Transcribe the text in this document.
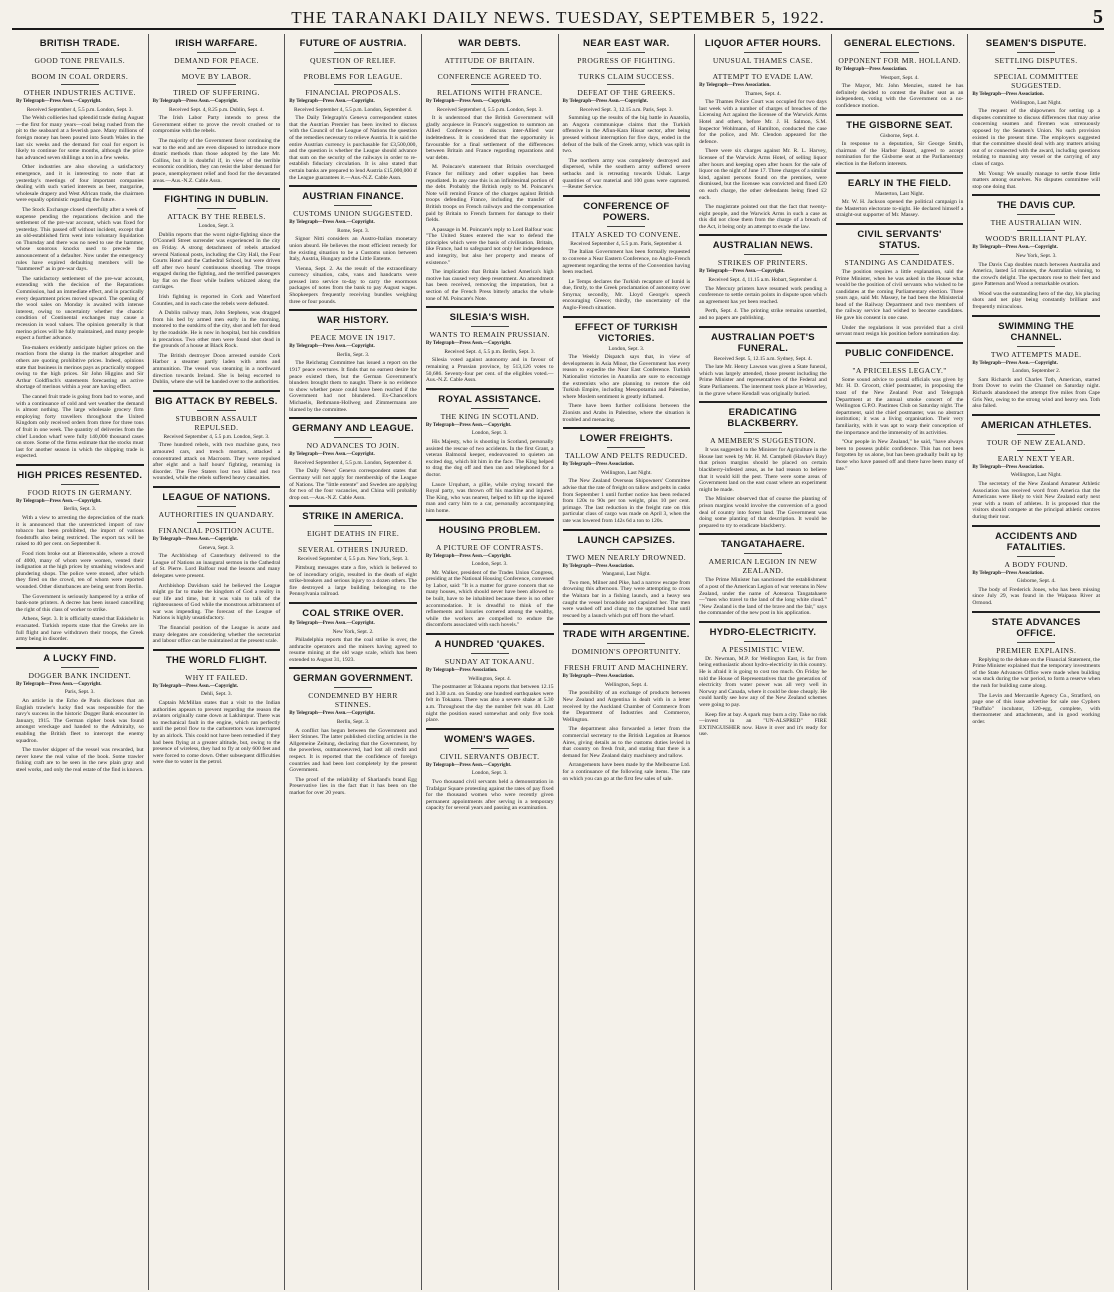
THE TARANAKI DAILY NEWS. TUESDAY, SEPTEMBER 5, 1922.	5
BRITISH TRADE.
GOOD TONE PREVAILS.
BOOM IN COAL ORDERS.
OTHER INDUSTRIES ACTIVE.
By Telegraph—Press Assn.—Copyright.
Received September 4, 5.5 p.m. London, Sept. 3.

The Welsh collieries had splendid trade during August—the first for many years—coal being rushed from the pit to the seaboard at a feverish pace. Many millions of foreign money has been poured into South Wales in the last six weeks and the demand for coal for export is likely to continue for some months, although the price has advanced seven shillings a ton in a few weeks.

Other industries are also showing a satisfactory emergence, and it is interesting to note that at yesterday's meetings of four important companies dealing with such varied interests as beer, margarine, wholesale drapery and West African trade, the chairmen were equally optimistic regarding the future.

The Stock Exchange closed cheerfully after a week of suspense pending the reparations decision and the settlement of the pre-war account, which was fixed for yesterday. This passed off without incident, except that an old-established firm went into voluntary liquidation on Thursday and there was no need to use the hammer, whose sonorous knocks used to precede the announcement of a defaulter. Now under the emergency rules have expired defaulting members will be "hammered" as in pre-war days.

The satisfactory settlement of the pre-war account, extending with the decision of the Reparations Commission, had an immediate effect, and in practically every department prices moved upward. The opening of the wool sales on Monday is awaited with intense interest, owing to uncertainty whether the chaotic condition of Continental exchanges may cause a recession in wool values. The opinion generally is that merino prices will be fully maintained, and many people expect a further advance.

Tea-makers evidently anticipate higher prices on the reaction from the slump in the market altogether and others are quoting prohibitive prices. Indeed, opinions state that business in merinos pays as practically stopped owing to the high prices. Sir John Higgins and Sir Arthur Goldfinch's statements forecasting an active shortage of merinos within a year are having effect.

The cannel fruit trade is going from bad to worse, and with a continuance of cold and wet weather the demand is almost nothing. The large wholesale grocery firm employing forty travellers throughout the United Kingdom only received orders from three for three tons of fruit in one week. The quantity of deliveries from the chief London wharf were fully 140,000 thousand cases on store. Some of the firms estimate that the stocks must last for another season in which the shipping trade is expected.

HIGH PRICES RESENTED.
FOOD RIOTS IN GERMANY.
By Telegraph—Press Assn.—Copyright.
Berlin, Sept. 3.

With a view to arresting the depreciation of the mark it is announced that the unrestricted import of raw tobacco has been prohibited, the import of various foodstuffs also being restricted. The export tax will be raised to 40 per cent. on September 8.

Food riots broke out at Bierenwalde, where a crowd of 4000, many of whom were women, vented their indignation at the high prices by smashing windows and plundering shops. The police were stoned, after which they fired on the crowd, ten of whom were reported wounded. Other disturbances are being sent from Berlin.

The Government is seriously hampered by a strike of bank-note printers. A decree has been issued cancelling the right of this class of worker to strike.

Athens, Sept. 3. It is officially stated that Eskishehr is evacuated. Turkish reports state that the Greeks are in full flight and have withdrawn their troops, the Greek army being in disorder.

A LUCKY FIND.
DOGGER BANK INCIDENT.
By Telegraph—Press Assn.—Copyright.
Paris, Sept. 3.

An article in the Echo de Paris discloses that an English trawler's lucky find was responsible for the navy's success in the historic Dogger Bank encounter in January, 1915. The German cipher book was found amongst wreckage and handed to the Admiralty, so enabling the British fleet to intercept the enemy squadron.

The trawler skipper of the vessel was rewarded, but never knew the real value of the book. Some trawler fishing craft are to be seen in the new plain gray and steel works, and only the real estate of the find is known.

IRISH WARFARE.
DEMAND FOR PEACE.
MOVE BY LABOR.
TIRED OF SUFFERING.
By Telegraph—Press Assn.—Copyright.
Received Sept. 4, 8.25 p.m. Dublin, Sept. 4.

The Irish Labor Party intends to press the Government either to prove the revolt crushed or to compromise with the rebels.

The majority of the Government favor continuing the war to the end and are even disposed to introduce more drastic methods than those adopted by the late Mr. Collins, but it is doubtful if, in view of the terrible economic condition, they can resist the labor demand for peace, unemployment relief and food for the devastated areas.—Aus.-N.Z. Cable Assn.

FIGHTING IN DUBLIN.
ATTACK BY THE REBELS.
London, Sept. 3.

Dublin reports that the worst night-fighting since the O'Connell Street surrender was experienced in the city on Friday. A strong detachment of rebels attacked several National posts, including the City Hall, the Four Courts Hotel and the Cathedral School, but were driven off after two hours' continuous shooting. The troops engaged during the fighting, and the terrified passengers lay flat on the floor while bullets whizzed along the carriages.

Irish fighting is reported in Cork and Waterford Counties, and in each case the rebels were defeated.

A Dublin railway man, John Stephens, was dragged from his bed by armed men early in the morning, motored to the outskirts of the city, shot and left for dead by the roadside. He is now in hospital, but his condition is precarious. Two other men were found shot dead in the grounds of a house at Black Rock.

The British destroyer Doon arrested outside Cork Harbor a steamer partly laden with arms and ammunition. The vessel was steaming in a northward direction towards Ireland. She is being escorted to Dublin, where she will be handed over to the authorities.

BIG ATTACK BY REBELS.
STUBBORN ASSAULT REPULSED.
Received September 4, 5.5 p.m. London, Sept. 3.

Three hundred rebels, with two machine guns, two armoured cars, and trench mortars, attacked a concentrated attack on Macroom. They were repulsed after eight and a half hours' fighting, returning in disorder. The Free Staters lost two killed and two wounded, while the rebels suffered heavy casualties.

LEAGUE OF NATIONS.
AUTHORITIES IN QUANDARY.
FINANCIAL POSITION ACUTE.
By Telegraph—Press Assn.—Copyright.
Geneva, Sept. 3.

The Archbishop of Canterbury delivered to the League of Nations an inaugural sermon in the Cathedral of St. Pierre. Lord Balfour read the lessons and many delegates were present.

Archbishop Davidson said he believed the League might go far to make the kingdom of God a reality in our life and time, but it was vain to talk of the righteousness of God while the monstrous arbitrament of war was impending. The forecast of the League of Nations is highly unsatisfactory.

The financial position of the League is acute and many delegates are considering whether the secretariat and labour office can be maintained at the present scale.

THE WORLD FLIGHT.
WHY IT FAILED.
By Telegraph—Press Assn.—Copyright.
Dehli, Sept. 3.

Captain McMillan states that a visit to the Indian authorities appears to prevent regarding the reason the aviators originally came down at Lakhimpur. There was no mechanical fault in the engine, which ran perfectly until the petrol flow to the carburettors was interrupted by an airlock. This could not have been remedied if they had been flying at a greater altitude, but, owing to the presence of wireless, they had to fly at only 600 feet and were forced to come down. Other subsequent difficulties were due to water in the petrol.

FUTURE OF AUSTRIA.
QUESTION OF RELIEF.
PROBLEMS FOR LEAGUE.
FINANCIAL PROPOSALS.
By Telegraph—Press Assn.—Copyright.
Received September 4, 5.5 p.m. London, September 4.

The Daily Telegraph's Geneva correspondent states that the Austrian Premier has been invited to discuss with the Council of the League of Nations the question of the remedies necessary to relieve Austria. It is said the entire Austrian currency is purchasable for £3,500,000, and the question is whether the League should advance that sum on the security of the railways in order to re-establish fiduciary circulation. It is also stated that certain banks are prepared to lend Austria £15,000,000 if the League guarantees it.—Aus.-N.Z. Cable Assn.

AUSTRIAN FINANCE.
CUSTOMS UNION SUGGESTED.
By Telegraph—Press Assn.—Copyright.
Rome, Sept. 3.

Signor Nitti considers an Austro-Italian monetary union absurd. He believes the most efficient remedy for the existing situation to be a Customs union between Italy, Austria, Hungary and the Little Entente.

Vienna, Sept. 2. As the result of the extraordinary currency situation, cabs, vans and handcarts were pressed into service to-day to carry the enormous packages of notes from the bank to pay August wages. Shopkeepers frequently receiving bundles weighing three or four pounds.

WAR HISTORY.
PEACE MOVE IN 1917.
By Telegraph—Press Assn.—Copyright.
Berlin, Sept. 3.

The Reichstag Committee has issued a report on the 1917 peace overtures. It finds that no earnest desire for peace existed then, but the German Government's blunders brought them to naught. There is no evidence to show whether peace could have been reached if the Government had not blundered. Ex-Chancellors Michaelis, Bethmann-Hollweg and Zimmermann are blamed by the committee.

GERMANY AND LEAGUE.
NO ADVANCES TO JOIN.
By Telegraph—Press Assn.—Copyright.
Received September 4, 5.5 p.m. London, September 4.

The Daily News' Geneva correspondent states that Germany will not apply for membership of the League of Nations. The "little entente" and Sweden are applying for two of the four vacancies, and China will probably drop out.—Aus.-N.Z. Cable Assn.

STRIKE IN AMERICA.
EIGHT DEATHS IN FIRE.
SEVERAL OTHERS INJURED.
Received September 4, 5.5 p.m. New York, Sept. 3.

Pittsburg messages state a fire, which is believed to be of incendiary origin, resulted in the death of eight strike-breakers and serious injury to a dozen others. The fire destroyed a large building belonging to the Pennsylvania railroad.

COAL STRIKE OVER.
By Telegraph—Press Assn.—Copyright.
New York, Sept. 2.

Philadelphia reports that the coal strike is over, the anthracite operators and the miners having agreed to resume mining at the old wage scale, which has been extended to August 31, 1923.

GERMAN GOVERNMENT.
CONDEMNED BY HERR STINNES.
By Telegraph—Press Assn.—Copyright.
Berlin, Sept. 3.

A conflict has begun between the Government and Herr Stinnes. The latter published circling articles in the Allgemeine Zeitung, declaring that the Government, by the powerless, outmanoeuvred, had lost all credit and respect. It is reported that the confidence of foreign countries and had been lost completely by the present Government.

The proof of the reliability of Sharland's brand Egg Preservative lies in the fact that it has been on the market for over 20 years.

WAR DEBTS.
ATTITUDE OF BRITAIN.
CONFERENCE AGREED TO.
RELATIONS WITH FRANCE.
By Telegraph—Press Assn.—Copyright.
Received September 4, 5.5 p.m. London, Sept. 3.

It is understood that the British Government will gladly acquiesce in France's suggestion to summon an Allied Conference to discuss inter-Allied war indebtedness. It is considered that the opportunity is favourable for a final settlement of the differences between Britain and France regarding reparations and war debts.

M. Poincare's statement that Britain overcharged France for military and other supplies has been repudiated. In any case this is an infinitesimal portion of the debt. Probably the British reply to M. Poincare's Note will remind France of the charges against British troops defending France, including the transfer of British troops on French railways and the compensation paid by Britain to French farmers for damage to their fields.

A passage in M. Poincare's reply to Lord Balfour was: "The United States entered the war to defend the principles which were the basis of civilisation. Britain, like France, had to safeguard not only her independence and integrity, but also her property and means of existence."

The implication that Britain lacked America's high motive has caused very deep resentment. An amendment has been received, removing the imputation, but a section of the French Press bitterly attacks the whole tone of M. Poincare's Note.

SILESIA'S WISH.
WANTS TO REMAIN PRUSSIAN.
By Telegraph—Press Assn.—Copyright.
Received Sept. 4, 5.5 p.m. Berlin, Sept. 3.

Silesia voted against autonomy and in favour of remaining a Prussian province, by 513,126 votes to 50,686. Seventy-four per cent. of the eligibles voted.—Aus.-N.Z. Cable Assn.

ROYAL ASSISTANCE.
THE KING IN SCOTLAND.
By Telegraph—Press Assn.—Copyright.
London, Sept. 3.

His Majesty, who is shooting in Scotland, personally assisted the rescue of two accidents. In the first Grant, a veteran Balmoral keeper, endeavoured to quieten an excited dog, which bit him in the face. The King helped to drag the dog off and then ran and telephoned for a doctor.

Lauce Urquhart, a gillie, while crying toward the Royal party, was thrown off his machine and injured. The King, who was nearest, helped to lift up the injured man and carry him to a car, personally accompanying him home.

HOUSING PROBLEM.
A PICTURE OF CONTRASTS.
By Telegraph—Press Assn.—Copyright.
London, Sept. 3.

Mr. Walker, president of the Trades Union Congress, presiding at the National Housing Conference, convened by Labor, said: "It is a matter for grave concern that so many houses, which should never have been allowed to be built, have to be inhabited because there is no other accommodation. It is dreadful to think of the refinements and luxuries cornered among the wealthy, while the workers are compelled to endure the discomforts associated with such hovels."

A HUNDRED 'QUAKES.
SUNDAY AT TOKAANU.
By Telegraph—Press Association.
Wellington, Sept. 4.

The postmaster at Tokaanu reports that between 12.15 and 3.30 a.m. on Sunday one hundred earthquakes were felt in Tokaanu. There was also a severe shake at 5.30 a.m. Throughout the day the number felt was 40. Last night the position eased somewhat and only five took place.

WOMEN'S WAGES.
CIVIL SERVANTS OBJECT.
By Telegraph—Press Assn.—Copyright.
London, Sept. 3.

Two thousand civil servants held a demonstration in Trafalgar Square protesting against the rates of pay fixed for the thousand women who were recently given permanent appointments after serving in a temporary capacity for several years and passing an examination.

NEAR EAST WAR.
PROGRESS OF FIGHTING.
TURKS CLAIM SUCCESS.
DEFEAT OF THE GREEKS.
By Telegraph—Press Assn.—Copyright.
Received Sept. 3, 12.15 a.m. Paris, Sept. 3.

Summing up the results of the big battle in Anatolia, an Angora communique claims that the Turkish offensive in the Afiun-Kara Hissar sector, after being pressed without interruption for five days, ended in the defeat of the bulk of the Greek army, which was split in two.

The northern army was completely destroyed and dispersed, while the southern army suffered severe setbacks and is retreating towards Ushak. Large quantities of war material and 100 guns were captured.—Reuter Service.

CONFERENCE OF POWERS.
ITALY ASKED TO CONVENE.
Received September 4, 5.5 p.m. Paris, September 4.

The Italian Government has been formally requested to convene a Near Eastern Conference, no Anglo-French agreement regarding the terms of the Convention having been reached.

Le Temps declares the Turkish recapture of Ismid is due, firstly, to the Greek proclamation of autonomy over Smyrna; secondly, Mr. Lloyd George's speech encouraging Greece; thirdly, the uncertainty of the Anglo-French situation.

EFFECT OF TURKISH VICTORIES.
London, Sept. 3.

The Weekly Dispatch says that, in view of developments in Asia Minor, the Government has every reason to expedite the Near East Conference. Turkish Nationalist victories in Anatolia are sure to encourage the extremists who are planning to restore the old Turkish Empire, including Mesopotamia and Palestine, where Moslem sentiment is greatly inflamed.

There have been further collisions between the Zionists and Arabs in Palestine, where the situation is troubled and menacing.

LOWER FREIGHTS.
TALLOW AND PELTS REDUCED.
By Telegraph—Press Association.
Wellington, Last Night.

The New Zealand Overseas Shipowners' Committee advise that the rate of freight on tallow and pelts in casks from September 1 until further notice has been reduced from 120s to 90s per ton weight, plus 10 per cent. primage. The last reduction in the freight rate on this particular class of cargo was made on April 3, when the rate was lowered from 142s 6d a ton to 120s.

LAUNCH CAPSIZES.
TWO MEN NEARLY DROWNED.
By Telegraph—Press Association.
Wanganui, Last Night.

Two men, Milner and Pike, had a narrow escape from drowning this afternoon. They were attempting to cross the Waitara bar in a fishing launch, and a heavy sea caught the vessel broadside and capsized her. The men were washed off and clung to the upturned boat until rescued by a launch which put off from the wharf.

TRADE WITH ARGENTINE.
DOMINION'S OPPORTUNITY.
FRESH FRUIT AND MACHINERY.
By Telegraph—Press Association.
Wellington, Sept. 4.

The possibility of an exchange of products between New Zealand and Argentina is dealt with in a letter received by the Auckland Chamber of Commerce from the Department of Industries and Commerce, Wellington.

The department also forwarded a letter from the commercial secretary to the British Legation at Buenos Aires, giving details as to the customs duties levied in that country on fresh fruit, and stating that there is a demand for New Zealand dairy machinery and tallow.

Arrangements have been made by the Melbourne Ltd. for a continuance of the following sale items. The rate on which you can go at the first few sales of sale.

LIQUOR AFTER HOURS.
UNUSUAL THAMES CASE.
ATTEMPT TO EVADE LAW.
By Telegraph—Press Association.
Thames, Sept. 4.

The Thames Police Court was occupied for two days last week with a number of charges of breaches of the Licensing Act against the licensee of the Warwick Arms Hotel and others, before Mr. J. H. Salmon, S.M. Inspector Wohlmann, of Hamilton, conducted the case for the police, and Mr. Clendon appeared for the defence.

There were six charges against Mr. R. L. Harvey, licensee of the Warwick Arms Hotel, of selling liquor after hours and keeping open after hours for the sale of liquor on the night of June 17. Three charges of a similar kind, against persons found on the premises, were dismissed, but the licensee was convicted and fined £20 on each charge, the other defendants being fined £2 each.

The magistrate pointed out that the fact that twenty-eight people, and the Warwick Arms in such a case as this did not close them from the charge of a breach of the Act, it being only an attempt to evade the law.

AUSTRALIAN NEWS.
STRIKES OF PRINTERS.
By Telegraph—Press Assn.—Copyright.
Received Sept. 4, 11.15 a.m. Hobart, September 4.

The Mercury printers have resumed work pending a conference to settle certain points in dispute upon which an agreement has yet been reached.

Perth, Sept. 4. The printing strike remains unsettled, and no papers are publishing.

AUSTRALIAN POET'S FUNERAL.
Received Sept. 5, 12.15 a.m. Sydney, Sept. 4.

The late Mr. Henry Lawson was given a State funeral, which was largely attended, those present including the Prime Minister and representatives of the Federal and State Parliaments. The interment took place at Waverley, in the grave where Kendall was originally buried.

ERADICATING BLACKBERRY.
A MEMBER'S SUGGESTION.

It was suggested to the Minister for Agriculture in the House last week by Mr. H. M. Campbell (Hawke's Bay) that prison margins should be placed on certain blackberry-infested areas, as he had reason to believe that it would kill the pest. There were some areas of Government land on the east coast where an experiment might be made.

The Minister observed that of course the planting of prison margins would involve the conversion of a good deal of country into forest land. The Government was doing some planting of that description. It would be prepared to try to eradicate blackberry.

TANGATAHAERE.
AMERICAN LEGION IN NEW ZEALAND.

The Prime Minister has sanctioned the establishment of a post of the American Legion of war veterans in New Zealand, under the name of Aotearoa Tangatahaere—"men who travel to the land of the long white cloud." "New Zealand is the land of the brave and the fair," says the commander of the new post in his application.

HYDRO-ELECTRICITY.
A PESSIMISTIC VIEW.

Dr. Newman, M.P. for Wellington East, is far from being enthusiastic about hydro-electricity in this country. He is afraid it is going to cost too much. On Friday he told the House of Representatives that the generation of electricity from water power was all very well in Norway and Canada, where it could be done cheaply. He could hardly see how any of the New Zealand schemes were going to pay.

Keep fire at bay. A spark may burn a city. Take no risk—invest in an "UN-ALSPRED" FIRE EXTINGUISHER now. Have it over and it's ready for use.

GENERAL ELECTIONS.
OPPONENT FOR MR. HOLLAND.
By Telegraph—Press Association.
Westport, Sept. 4.

The Mayor, Mr. John Menzies, stated he has definitely decided to contest the Buller seat as an independent, voting with the Government on a no-confidence motion.

THE GISBORNE SEAT.
Gisborne, Sept. 4.

In response to a deputation, Sir George Smith, chairman of the Harbor Board, agreed to accept nomination for the Gisborne seat at the Parliamentary election in the Reform interests.

EARLY IN THE FIELD.
Masterton, Last Night.

Mr. W. H. Jackson opened the political campaign in the Masterton electorate to-night. He declared himself a straight-out supporter of Mr. Massey.

CIVIL SERVANTS' STATUS.
STANDING AS CANDIDATES.

The position requires a little explanation, said the Prime Minister, when he was asked in the House what would be the position of civil servants who wished to be candidates at the coming Parliamentary election. Three years ago, said Mr. Massey, he had been the Ministerial head of the Railway Department and two members of the railway service had wished to become candidates. He gave his consent in one case.

Under the regulations it was provided that a civil servant must resign his position before nomination day.

PUBLIC CONFIDENCE.
"A PRICELESS LEGACY."

Some sound advice to postal officials was given by Mr. H. D. Grocott, chief postmaster, in proposing the toast of the New Zealand Post and Telegraph Department at the annual smoke concert of the Wellington G.P.O. Pastimes Club on Saturday night. The department, said the chief postmaster, was no abstract institution; it was a living organisation. Their very familiarity, with it was apt to warp their conception of the importance and the immensity of its activities.

"Our people in New Zealand," he said, "have always been to possess public confidence. This has not been forgotten by us alone, but has been gradually built up by those who have passed off and there have been many of late."

SEAMEN'S DISPUTE.
SETTLING DISPUTES.
SPECIAL COMMITTEE SUGGESTED.
By Telegraph—Press Association.
Wellington, Last Night.

The request of the shipowners for setting up a disputes committee to discuss differences that may arise concerning seamen and firemen was strenuously opposed by the Seamen's Union. No such provision existed in the present time. The employers suggested that the committee should deal with any matters arising out of or connected with the award, including questions relating to manning any vessel or the carrying of any class of cargo.

Mr. Young: We usually manage to settle those little matters among ourselves. No disputes committee will stop one doing that.

THE DAVIS CUP.
THE AUSTRALIAN WIN.
WOOD'S BRILLIANT PLAY.
By Telegraph—Press Assn.—Copyright.
New York, Sept. 3.

The Davis Cup doubles match between Australia and America, lasted 54 minutes, the Australian winning, to the crowd's delight. The spectators rose to their feet and gave Patterson and Wood a remarkable ovation.

Wood was the outstanding hero of the day, his placing shots and net play being constantly brilliant and frequently miraculous.

SWIMMING THE CHANNEL.
TWO ATTEMPTS MADE.
By Telegraph—Press Assn.—Copyright.
London, September 2.

Sam Richards and Charles Toth, American, started from Dover to swim the Channel on Saturday night. Richards abandoned the attempt five miles from Cape Gris Nez, owing to the strong wind and heavy sea. Toth also failed.

AMERICAN ATHLETES.
TOUR OF NEW ZEALAND.
EARLY NEXT YEAR.
By Telegraph—Press Association.
Wellington, Last Night.

The secretary of the New Zealand Amateur Athletic Association has received word from America that the Americans were likely to visit New Zealand early next year with a team of athletes. It is proposed that the visitors should compete at the principal athletic centres during their tour.

ACCIDENTS AND FATALITIES.
A BODY FOUND.
By Telegraph—Press Association.
Gisborne, Sept. 4.

The body of Frederick Jones, who has been missing since July 29, was found in the Waipaoa River at Ormond.

STATE ADVANCES OFFICE.
PREMIER EXPLAINS.

Replying to the debate on the Financial Statement, the Prime Minister explained that the temporary investments of the State Advances Office were made when building was stuck during the war period, to form a reserve when the rush for building came along.

The Levin and Mercantile Agency Co., Stratford, on page one of this issue advertise for sale one Cyphers "Buffalo" incubator, 120-egg, complete, with thermometer and attachments, and in good working order.
